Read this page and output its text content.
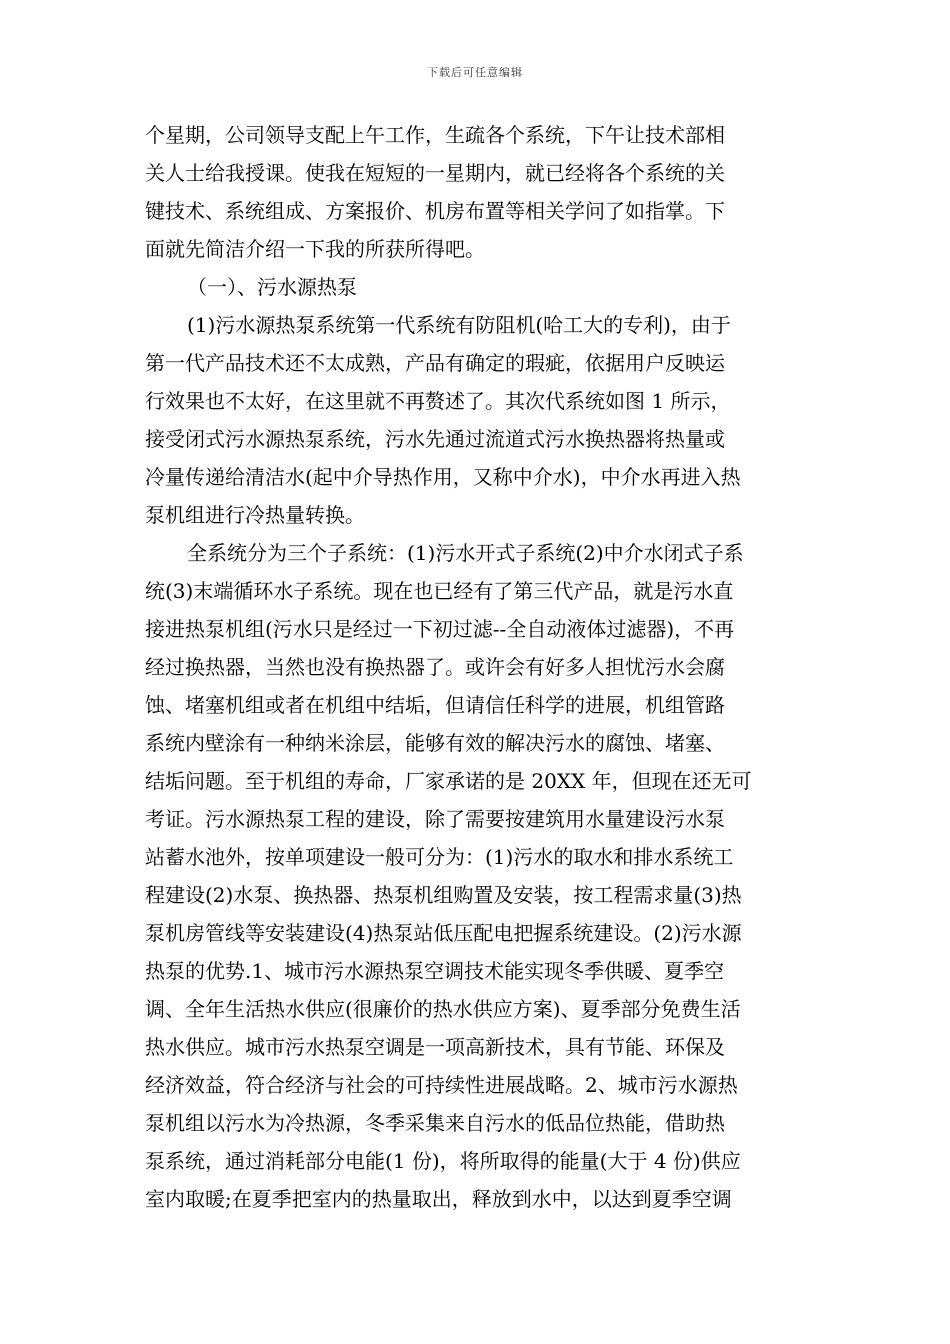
下载后可任意编辑
个星期，公司领导支配上午工作，生疏各个系统，下午让技术部相
关人士给我授课。使我在短短的一星期内，就已经将各个系统的关
键技术、系统组成、方案报价、机房布置等相关学问了如指掌。下
面就先简洁介绍一下我的所获所得吧。
（一）、污水源热泵
(1)污水源热泵系统第一代系统有防阻机(哈工大的专利)，由于
第一代产品技术还不太成熟，产品有确定的瑕疵，依据用户反映运
行效果也不太好，在这里就不再赘述了。其次代系统如图 1 所示，
接受闭式污水源热泵系统，污水先通过流道式污水换热器将热量或
冷量传递给清洁水(起中介导热作用，又称中介水)，中介水再进入热
泵机组进行冷热量转换。
全系统分为三个子系统：(1)污水开式子系统(2)中介水闭式子系
统(3)末端循环水子系统。现在也已经有了第三代产品，就是污水直
接进热泵机组(污水只是经过一下初过滤--全自动液体过滤器)，不再
经过换热器，当然也没有换热器了。或许会有好多人担忧污水会腐
蚀、堵塞机组或者在机组中结垢，但请信任科学的进展，机组管路
系统内壁涂有一种纳米涂层，能够有效的解决污水的腐蚀、堵塞、
结垢问题。至于机组的寿命，厂家承诺的是 20XX 年，但现在还无可
考证。污水源热泵工程的建设，除了需要按建筑用水量建设污水泵
站蓄水池外，按单项建设一般可分为：(1)污水的取水和排水系统工
程建设(2)水泵、换热器、热泵机组购置及安装，按工程需求量(3)热
泵机房管线等安装建设(4)热泵站低压配电把握系统建设。(2)污水源
热泵的优势.1、城市污水源热泵空调技术能实现冬季供暖、夏季空
调、全年生活热水供应(很廉价的热水供应方案)、夏季部分免费生活
热水供应。城市污水热泵空调是一项高新技术，具有节能、环保及
经济效益，符合经济与社会的可持续性进展战略。2、城市污水源热
泵机组以污水为冷热源，冬季采集来自污水的低品位热能，借助热
泵系统，通过消耗部分电能(1 份)，将所取得的能量(大于 4 份)供应
室内取暖;在夏季把室内的热量取出，释放到水中，以达到夏季空调
